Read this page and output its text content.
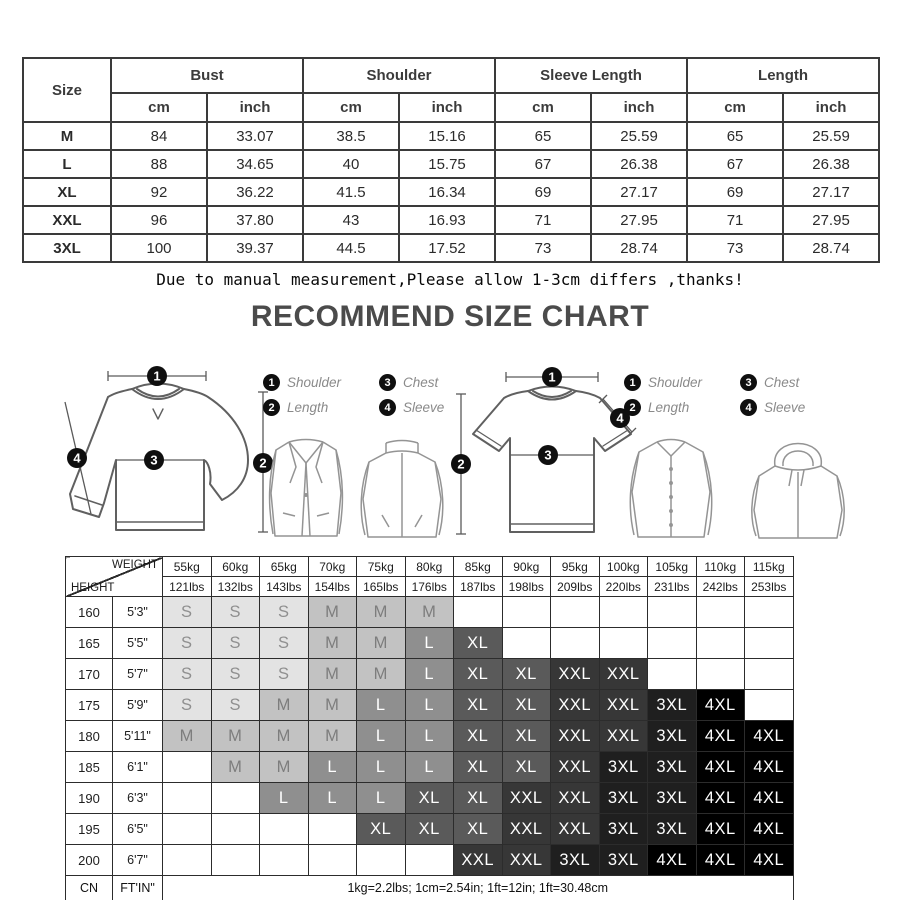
Size	Bust		Shoulder		Sleeve Length		Length	
	cm	inch	cm	inch	cm	inch	cm	inch
M	84	33.07	38.5	15.16	65	25.59	65	25.59
L	88	34.65	40	15.75	67	26.38	67	26.38
XL	92	36.22	41.5	16.34	69	27.17	69	27.17
XXL	96	37.80	43	16.93	71	27.95	71	27.95
3XL	100	39.37	44.5	17.52	73	28.74	73	28.74
Due to manual measurement,Please allow 1-3cm differs ,thanks!
RECOMMEND SIZE CHART
1
3	2
4
1 Shoulder	3 Chest
2 Length	4 Sleeve
1
2
3
4
1 Shoulder	3 Chest
2 Length	4 Sleeve
WEIGHT
HEIGHT		55kg	60kg	65kg	70kg	75kg	80kg	85kg	90kg	95kg	100kg	105kg	110kg	115kg
		121lbs	132lbs	143lbs	154lbs	165lbs	176lbs	187lbs	198lbs	209lbs	220lbs	231lbs	242lbs	253lbs
160	5'3"	S	S	S	M	M	M							
165	5'5"	S	S	S	M	M	L	XL						
170	5'7"	S	S	S	M	M	L	XL	XL	XXL	XXL			
175	5'9"	S	S	M	M	L	L	XL	XL	XXL	XXL	3XL	4XL	
180	5'11"	M	M	M	M	L	L	XL	XL	XXL	XXL	3XL	4XL	4XL
185	6'1"		M	M	L	L	L	XL	XL	XXL	3XL	3XL	4XL	4XL
190	6'3"			L	L	L	XL	XL	XXL	XXL	3XL	3XL	4XL	4XL
195	6'5"					XL	XL	XL	XXL	XXL	3XL	3XL	4XL	4XL
200	6'7"							XXL	XXL	3XL	3XL	4XL	4XL	4XL
CN	FT'IN"	1kg=2.2lbs; 1cm=2.54in; 1ft=12in; 1ft=30.48cm												
